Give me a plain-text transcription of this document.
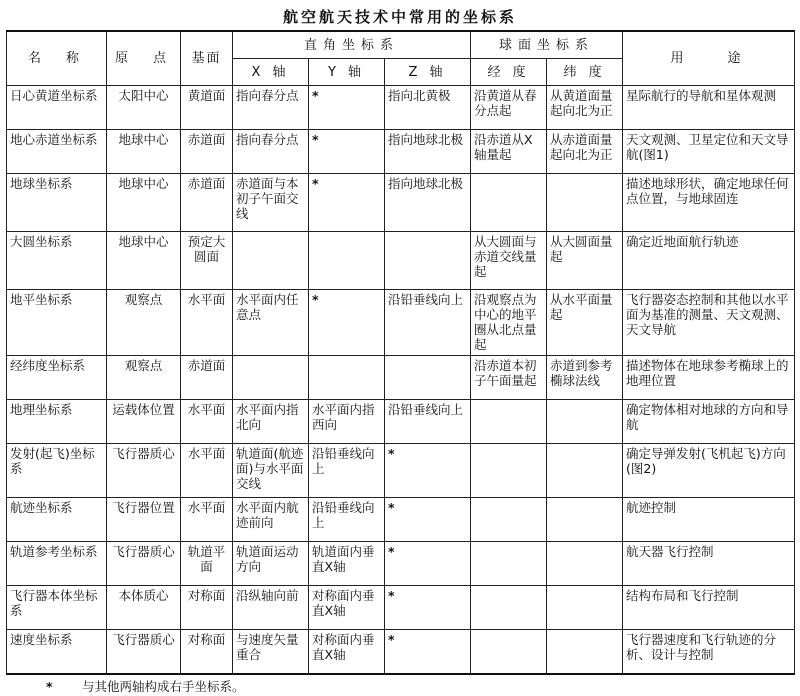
航空航天技术中常用的坐标系
名　称	原　点	基面	直角坐标系			球面坐标系		用　　途
			X 轴	Y 轴	Z 轴	经 度	纬 度	
日心黄道坐标系	太阳中心	黄道面	指向春分点	*	指向北黄极	沿黄道从春分点起	从黄道面量起向北为正	星际航行的导航和星体观测
地心赤道坐标系	地球中心	赤道面	指向春分点	*	指向地球北极	沿赤道从X轴量起	从赤道面量起向北为正	天文观测、卫星定位和天文导航(图1)
地球坐标系	地球中心	赤道面	赤道面与本初子午面交线	*	指向地球北极			描述地球形状，确定地球任何点位置，与地球固连
大圆坐标系	地球中心	预定大圆面				从大圆面与赤道交线量起	从大圆面量起	确定近地面航行轨迹
地平坐标系	观察点	水平面	水平面内任意点	*	沿铅垂线向上	沿观察点为中心的地平圈从北点量起	从水平面量起	飞行器姿态控制和其他以水平面为基准的测量、天文观测、天文导航
经纬度坐标系	观察点	赤道面				沿赤道本初子午面量起	赤道到参考椭球法线	描述物体在地球参考椭球上的地理位置
地理坐标系	运载体位置	水平面	水平面内指北向	水平面内指西向	沿铅垂线向上			确定物体相对地球的方向和导航
发射(起飞)坐标系	飞行器质心	水平面	轨道面(航迹面)与水平面交线	沿铅垂线向上	*			确定导弹发射(飞机起飞)方向(图2)
航迹坐标系	飞行器位置	水平面	水平面内航迹前向	沿铅垂线向上	*			航迹控制
轨道参考坐标系	飞行器质心	轨道平面	轨道面运动方向	轨道面内垂直X轴	*			航天器飞行控制
飞行器本体坐标系	本体质心	对称面	沿纵轴向前	对称面内垂直X轴	*			结构布局和飞行控制
速度坐标系	飞行器质心	对称面	与速度矢量重合	对称面内垂直X轴	*			飞行器速度和飞行轨迹的分析、设计与控制
* 与其他两轴构成右手坐标系。
